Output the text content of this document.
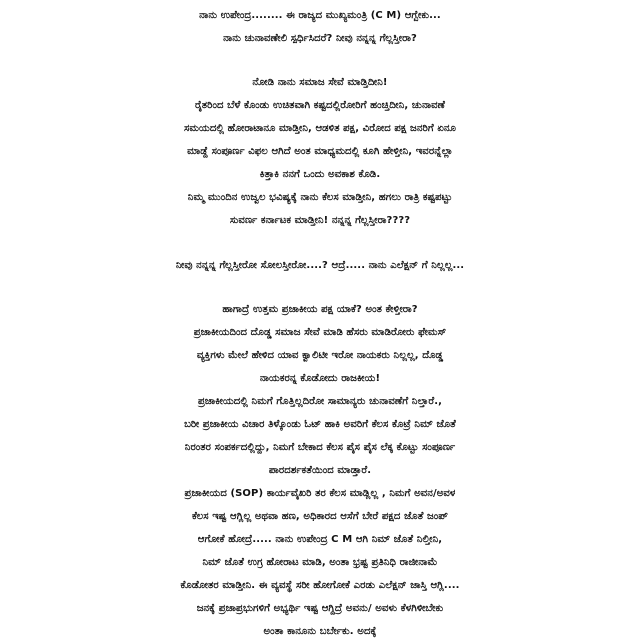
ನಾನು ಉಪೇಂದ್ರ........ ಈ ರಾಜ್ಯದ ಮುಖ್ಯಮಂತ್ರಿ (C M) ಆಗ್ಬೇಕು...
ನಾನು ಚುನಾವಣೇಲಿ ಸ್ಪರ್ಧಿಸಿದರೆ? ನೀವು ನನ್ನನ್ನ ಗೆಲ್ಲಸ್ತೀರಾ?
ನೋಡಿ ನಾನು ಸಮಾಜ ಸೇವೆ ಮಾಡ್ತಿದೀನಿ!
ರೈತರಿಂದ ಬೆಳೆ ಕೊಂಡು ಉಚಿತವಾಗಿ ಕಷ್ಟದಲ್ಲಿರೋರಿಗೆ ಹಂಚ್ತಿದೀನಿ, ಚುನಾವಣೆ
ಸಮಯದಲ್ಲಿ ಹೋರಾಟಾನೂ ಮಾಡ್ತೀನಿ, ಆಡಳಿತ ಪಕ್ಷ, ವಿರೋದ ಪಕ್ಷ ಜನರಿಗೆ ಏನೂ
ಮಾಡ್ದೆ ಸಂಪೂರ್ಣ ವಿಫಲ ಆಗಿದೆ ಅಂತ ಮಾಧ್ಯಮದಲ್ಲಿ ಕೂಗಿ ಹೇಳ್ತೀನಿ, ಇವರನ್ನೆಲ್ಲಾ
ಕಿತ್ತಾಕಿ ನನಗೆ ಒಂದು ಅವಕಾಶ ಕೊಡಿ.
ನಿಮ್ಮ ಮುಂದಿನ ಉಜ್ವಲ ಭವಿಷ್ಯಕ್ಕೆ ನಾನು ಕೆಲಸ ಮಾಡ್ತೀನಿ, ಹಗಲು ರಾತ್ರಿ ಕಷ್ಟಪಟ್ಟು
ಸುವರ್ಣ ಕರ್ನಾಟಕ ಮಾಡ್ತೀನಿ! ನನ್ನನ್ನ ಗೆಲ್ಲಸ್ತೀರಾ????
ನೀವು ನನ್ನನ್ನ ಗೆಲ್ಲಸ್ತೀರೋ ಸೋಲಸ್ತೀರೋ....? ಆದ್ರೆ..... ನಾನು ಎಲೆಕ್ಷನ್ ಗೆ ನಿಲ್ಲಲ್ಲ...
ಹಾಗಾದ್ರೆ ಉತ್ತಮ ಪ್ರಜಾಕೀಯ ಪಕ್ಷ ಯಾಕೆ? ಅಂತ ಕೇಳ್ತೀರಾ?
ಪ್ರಜಾಕೀಯದಿಂದ ದೊಡ್ಡ ಸಮಾಜ ಸೇವೆ ಮಾಡಿ ಹೆಸರು ಮಾಡಿರೋರು ಫೇಮಸ್
ವ್ಯಕ್ತಿಗಳು ಮೇಲೆ ಹೇಳಿದ ಯಾವ ಕ್ವಾಲಿಟೀ ಇರೋ ನಾಯಕರು ನಿಲ್ಲಲ್ಲ, ದೊಡ್ಡ
ನಾಯಕರನ್ನ ಕೊಡೋದು ರಾಜಕೀಯ!
ಪ್ರಜಾಕೀಯದಲ್ಲಿ ನಿಮಗೆ ಗೊತ್ತಿಲ್ಲದಿರೋ ಸಾಮಾನ್ಯರು ಚುನಾವಣೆಗೆ ನಿಲ್ತಾರೆ.,
ಬರೀ ಪ್ರಜಾಕೀಯ ವಿಚಾರ ತಿಳ್ಕೊಂಡು ಓಟ್ ಹಾಕಿ ಅವರಿಗೆ ಕೆಲಸ ಕೊಟ್ರೆ ನಿಮ್ ಜೊತೆ
ನಿರಂತರ ಸಂಪರ್ಕದಲ್ಲಿದ್ದು, ನಿಮಗೆ ಬೇಕಾದ ಕೆಲಸ ಪೈಸ ಪೈಸ ಲೆಕ್ಕ ಕೊಟ್ಟು ಸಂಪೂರ್ಣ
ಪಾರದರ್ಶಕತೆಯಿಂದ ಮಾಡ್ತಾರೆ.
ಪ್ರಜಾಕೀಯದ (SOP) ಕಾರ್ಯವೈಖರಿ ತರ ಕೆಲಸ ಮಾಡ್ಲಿಲ್ಲ , ನಿಮಗೆ ಅವನ/ಅವಳ
ಕೆಲಸ ಇಷ್ಟ ಆಗ್ಲಿಲ್ಲ ಅಥವಾ ಹಣ, ಅಧಿಕಾರದ ಆಸೆಗೆ ಬೇರೆ ಪಕ್ಷದ ಜೊತೆ ಜಂಪ್
ಆಗೋಕೆ ಹೋದ್ರೆ..... ನಾನು ಉಪೇಂದ್ರ C M ಆಗಿ ನಿಮ್ ಜೊತೆ ನಿಲ್ತೀನಿ,
ನಿಮ್ ಜೊತೆ ಉಗ್ರ ಹೋರಾಟ ಮಾಡಿ, ಅಂತಾ ಭ್ರಷ್ಟ ಪ್ರತಿನಿಧಿ ರಾಜೀನಾಮೆ
ಕೊಡೋತರ ಮಾಡ್ತೀನಿ. ಈ ವ್ಯವಸ್ಥೆ ಸರೀ ಹೋಗೋಕೆ ಎರಡು ಎಲೆಕ್ಷನ್ ಜಾಸ್ತಿ ಆಗ್ಲಿ....
ಜನಕ್ಕೆ ಪ್ರಜಾಪ್ರಭುಗಳಿಗೆ ಅಭ್ಯರ್ಥಿ ಇಷ್ಟ ಆಗ್ದಿದ್ರೆ ಅವನು/ ಅವಳು ಕೆಳಗಿಳೀಬೇಕು
ಅಂತಾ ಕಾನೂನು ಬರ್ಬೇಕು. ಅದಕ್ಕೆ
